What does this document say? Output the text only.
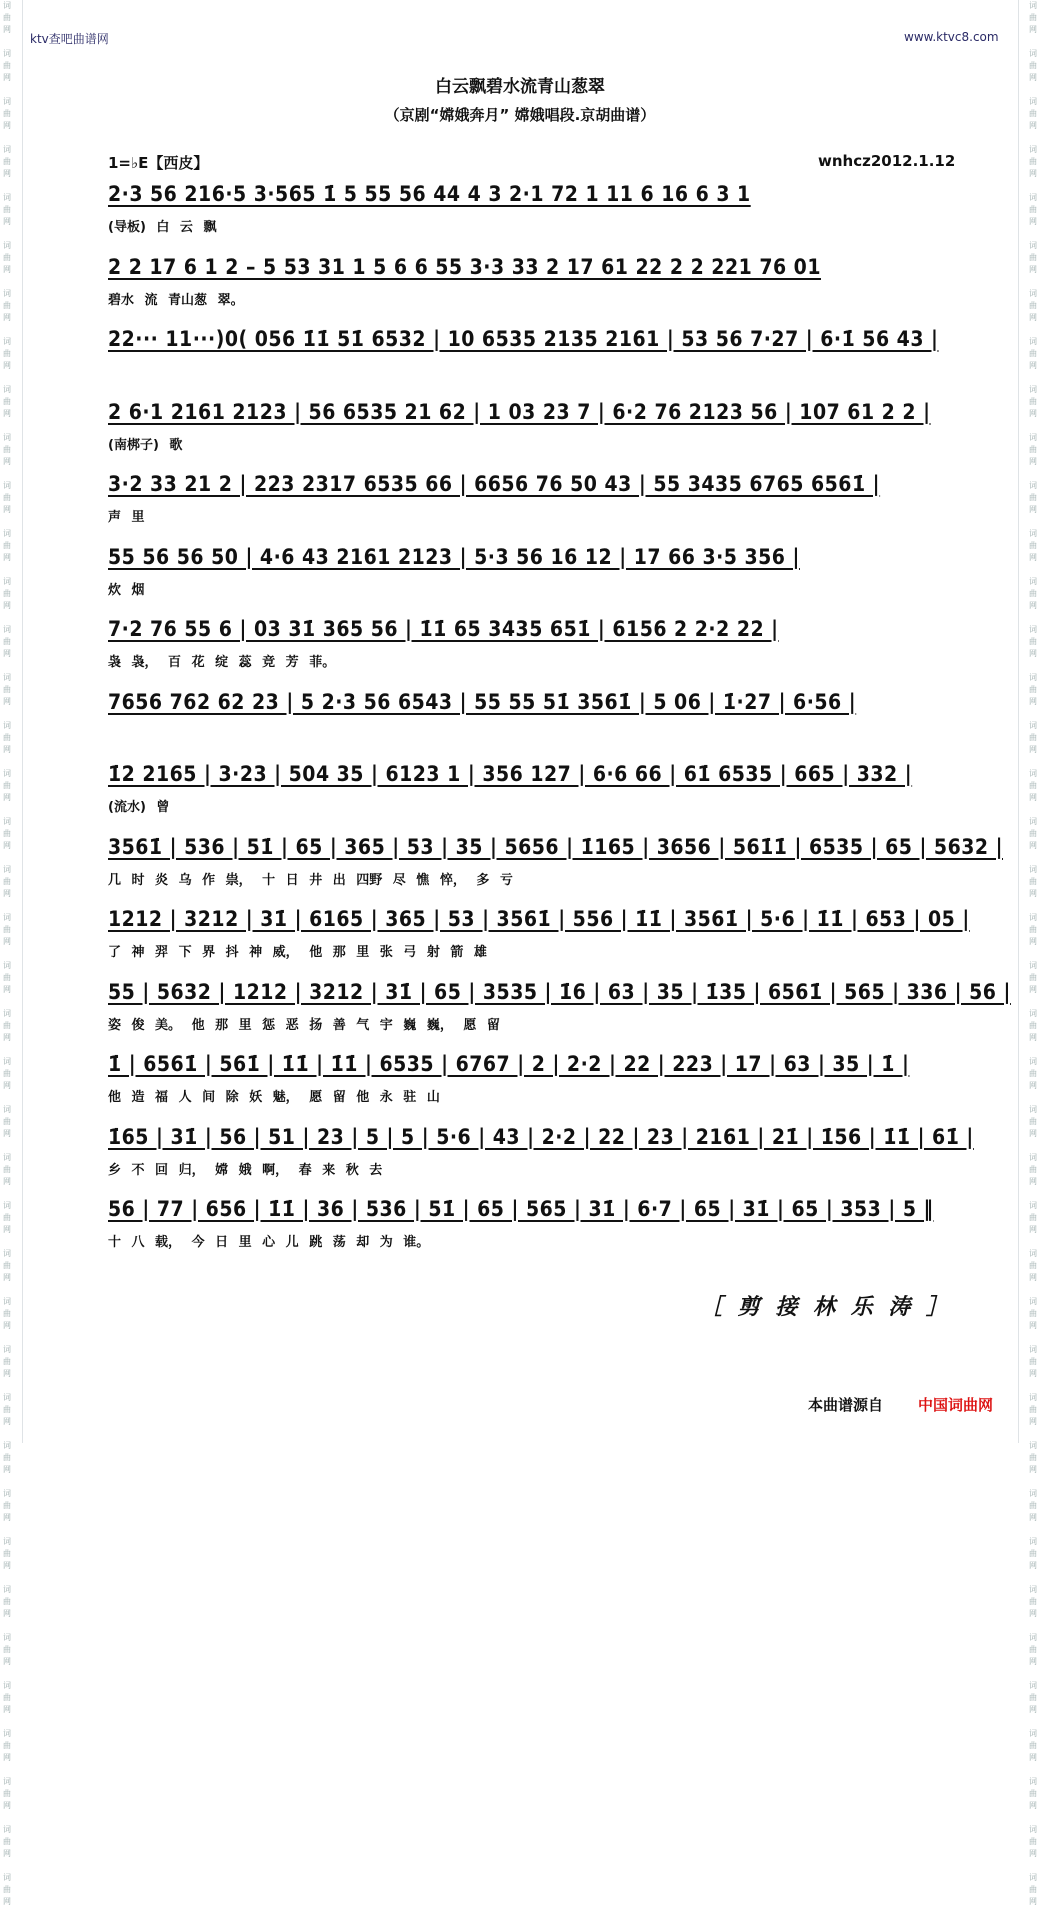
词
曲
网

词
曲
网

词
曲
网

词
曲
网

词
曲
网

词
曲
网

词
曲
网

词
曲
网

词
曲
网

词
曲
网

词
曲
网

词
曲
网

词
曲
网

词
曲
网

词
曲
网

词
曲
网

词
曲
网

词
曲
网

词
曲
网

词
曲
网

词
曲
网

词
曲
网

词
曲
网

词
曲
网

词
曲
网

词
曲
网

词
曲
网

词
曲
网

词
曲
网

词
曲
网

词
曲
网

词
曲
网

词
曲
网

词
曲
网

词
曲
网

词
曲
网

词
曲
网

词
曲
网

词
曲
网

词
曲
网

词
曲
网

词
曲
网

词
曲
网

词
曲
网

词
曲
网

词
曲
网

词
曲
网

词
曲
网

词
曲
网

词
曲
网

词
曲
网

词
曲
网

词
曲
网

词
曲
网

词
曲
网

词
曲
网

词
曲
网

词
曲
网

词
曲
网

词
曲
网

词
曲
网

词
曲
网

词
曲
网

词
曲
网

词
曲
网

词
曲
网

词
曲
网

词
曲
网

词
曲
网

词
曲
网

词
曲
网

词
曲
网

词
曲
网

词
曲
网

词
曲
网

词
曲
网

词
曲
网

词
曲
网

词
曲
网

词
曲
网

ktv查吧曲谱网	www.ktvc8.com
白云飘碧水流青山葱翠
（京剧“嫦娥奔月” 嫦娥唱段.京胡曲谱）
1=♭E【西皮】	wnhcz2012.1.12
2·3 56 216·5 3·565 1̇ 5 55 56 44 4 3 2·1 72 1 11 6 16 6 3 1
(导板) 白 云 飘
2 2 17 6 1 2 – 5 53 31 1 5 6 6 55 3·3 33 2 17 61 22 2 2 221 76 01
碧水 流 青山葱 翠。
22··· 11···)0( 056 1̇1̇ 51̇ 6532 | 10 6535 2135 2161 | 53 56 7·27 | 6·1̇ 56 43 |
2 6·1 2161 2123 | 56 6535 21 62 | 1 03 23 7 | 6·2 76 2123 56 | 107 61 2 2 |
(南梆子) 歌
3·2 33 21 2 | 223 2317 6535 66 | 6656 76 50 43 | 55 3435 6765 6561̇ |
声 里
55 56 56 50 | 4·6 43 2161 2123 | 5·3 56 16 12 | 17 66 3·5 356 |
炊 烟
7·2 76 55 6 | 03 31̇ 365 56 | 1̇1̇ 65 3435 651̇ | 6156 2 2·2 22 |
袅 袅， 百 花 绽 蕊 竞 芳 菲。
7656 762 62 23 | 5 2·3 56 6543 | 55 55 51̇ 3561̇ | 5 06 | 1̇·27 | 6·56 |
1̇2 2165 | 3·23 | 504 35 | 6123 1 | 356 127 | 6·6 66 | 61̇ 6535 | 665 | 332 |
(流水) 曾
3561̇ | 536 | 51̇ | 65 | 365 | 53 | 35 | 5656 | 1̇165 | 3656 | 561̇1̇ | 6535 | 65 | 5632 |
几 时 炎 乌 作 祟， 十 日 井 出 四野 尽 憔 悴， 多 亏
1212 | 3212 | 31̇ | 6165 | 365 | 53 | 3561̇ | 556 | 1̇1̇ | 3561̇ | 5·6 | 1̇1̇ | 653 | 05 |
了 神 羿 下 界 抖 神 威， 他 那 里 张 弓 射 箭 雄
55 | 5632 | 1212 | 3212 | 31̇ | 65 | 3535 | 1̇6 | 63 | 35 | 1̇35 | 6561̇ | 565 | 336 | 56 |
姿 俊 美。 他 那 里 惩 恶 扬 善 气 宇 巍 巍， 愿 留
1̇ | 6561̇ | 561̇ | 1̇1̇ | 1̇1̇ | 6535 | 6767 | 2 | 2·2 | 22 | 223 | 17 | 63 | 35 | 1̇ |
他 造 福 人 间 除 妖 魅， 愿 留 他 永 驻 山
1̇65 | 31̇ | 56 | 51 | 23 | 5 | 5 | 5·6 | 43 | 2·2 | 22 | 23 | 2161 | 21̇ | 1̇56 | 1̇1̇ | 61̇ |
乡 不 回 归， 嫦 娥 啊， 春 来 秋 去
56 | 77 | 656 | 1̇1̇ | 36 | 536 | 51̇ | 65 | 565 | 31̇ | 6·7 | 65 | 31̇ | 65 | 353 | 5 ‖
十 八 载， 今 日 里 心 儿 跳 荡 却 为 谁。
［ 剪 接 林 乐 涛 ］
本曲谱源自 中国词曲网
